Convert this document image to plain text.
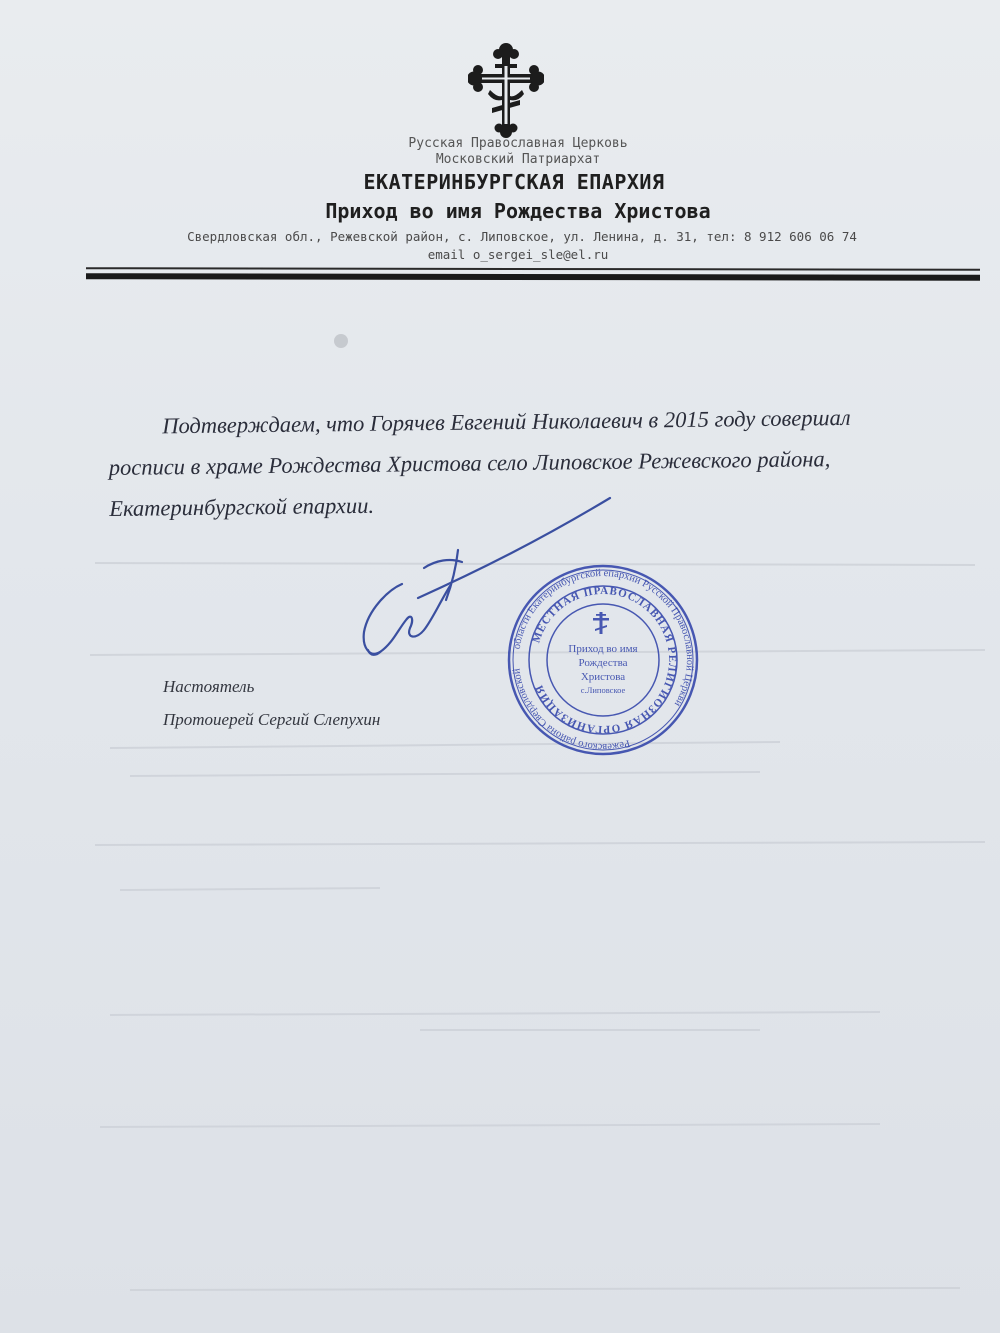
Русская Православная Церковь
Московский Патриархат
ЕКАТЕРИНБУРГСКАЯ ЕПАРХИЯ
Приход во имя Рождества Христова
Свердловская обл., Режевской район, с. Липовское, ул. Ленина, д. 31, тел: 8 912 606 06 74
email o_sergei_sle@el.ru
Подтверждаем, что Горячев Евгений Николаевич в 2015 году совершал
росписи в храме Рождества Христова село Липовское Режевского района,
Екатеринбургской епархии.
области Екатеринбургской епархии Русской Православной Церкви
Режевского района Свердловской
МЕСТНАЯ ПРАВОСЛАВНАЯ РЕЛИГИОЗНАЯ ОРГАНИЗАЦИЯ
Приход во имя
Рождества
Христова
с.Липовское
Настоятель
Протоиерей Сергий Слепухин
